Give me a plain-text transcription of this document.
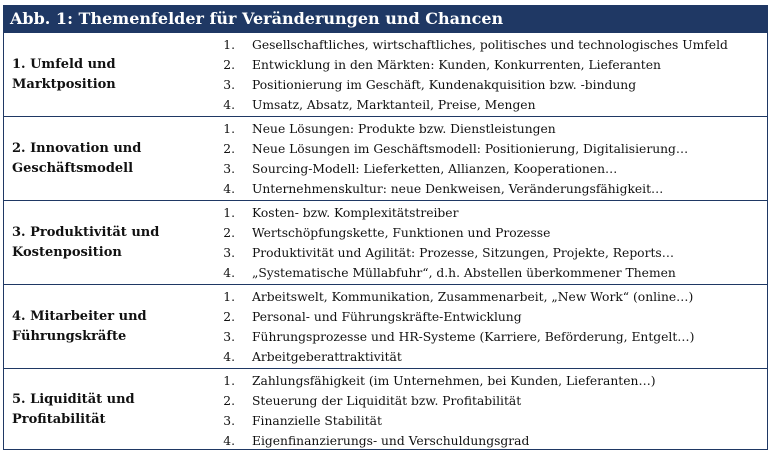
Abb. 1: Themenfelder für Veränderungen und Chancen
1. Umfeld und
Marktposition
1. Gesellschaftliches, wirtschaftliches, politisches und technologisches Umfeld
2. Entwicklung in den Märkten: Kunden, Konkurrenten, Lieferanten
3. Positionierung im Geschäft, Kundenakquisition bzw. -bindung
4. Umsatz, Absatz, Marktanteil, Preise, Mengen
2. Innovation und
Geschäftsmodell
1. Neue Lösungen: Produkte bzw. Dienstleistungen
2. Neue Lösungen im Geschäftsmodell: Positionierung, Digitalisierung…
3. Sourcing-Modell: Lieferketten, Allianzen, Kooperationen…
4. Unternehmenskultur: neue Denkweisen, Veränderungsfähigkeit…
3. Produktivität und
Kostenposition
1. Kosten- bzw. Komplexitätstreiber
2. Wertschöpfungskette, Funktionen und Prozesse
3. Produktivität und Agilität: Prozesse, Sitzungen, Projekte, Reports…
4. „Systematische Müllabfuhr“, d.h. Abstellen überkommener Themen
4. Mitarbeiter und
Führungskräfte
1. Arbeitswelt, Kommunikation, Zusammenarbeit, „New Work“ (online…)
2. Personal- und Führungskräfte-Entwicklung
3. Führungsprozesse und HR-Systeme (Karriere, Beförderung, Entgelt…)
4. Arbeitgeberattraktivität
5. Liquidität und
Profitabilität
1. Zahlungsfähigkeit (im Unternehmen, bei Kunden, Lieferanten…)
2. Steuerung der Liquidität bzw. Profitabilität
3. Finanzielle Stabilität
4. Eigenfinanzierungs- und Verschuldungsgrad
